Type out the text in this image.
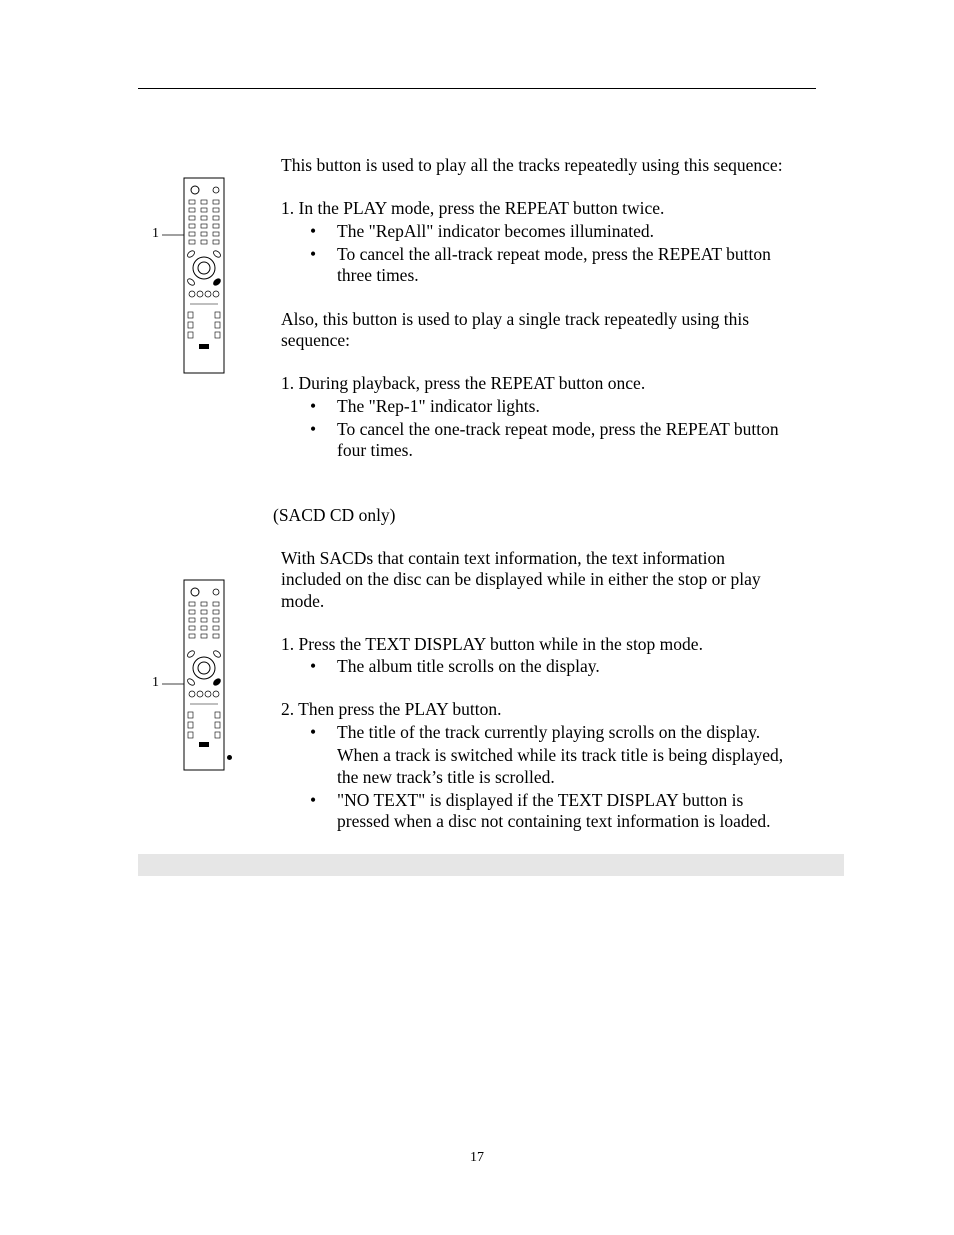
1
This button is used to play all the tracks repeatedly using this sequence:
1. In the PLAY mode, press the REPEAT button twice.
• The "RepAll" indicator becomes illuminated.
• To cancel the all-track repeat mode, press the REPEAT button
three times.
Also, this button is used to play a single track repeatedly using this
sequence:
1. During playback, press the REPEAT button once.
• The "Rep-1" indicator lights.
• To cancel the one-track repeat mode, press the REPEAT button
four times.
(SACD CD only)
1
With SACDs that contain text information, the text information
included on the disc can be displayed while in either the stop or play
mode.
1. Press the TEXT DISPLAY button while in the stop mode.
• The album title scrolls on the display.
2. Then press the PLAY button.
• The title of the track currently playing scrolls on the display.
When a track is switched while its track title is being displayed,
the new track’s title is scrolled.
• "NO TEXT" is displayed if the TEXT DISPLAY button is
pressed when a disc not containing text information is loaded.
17
